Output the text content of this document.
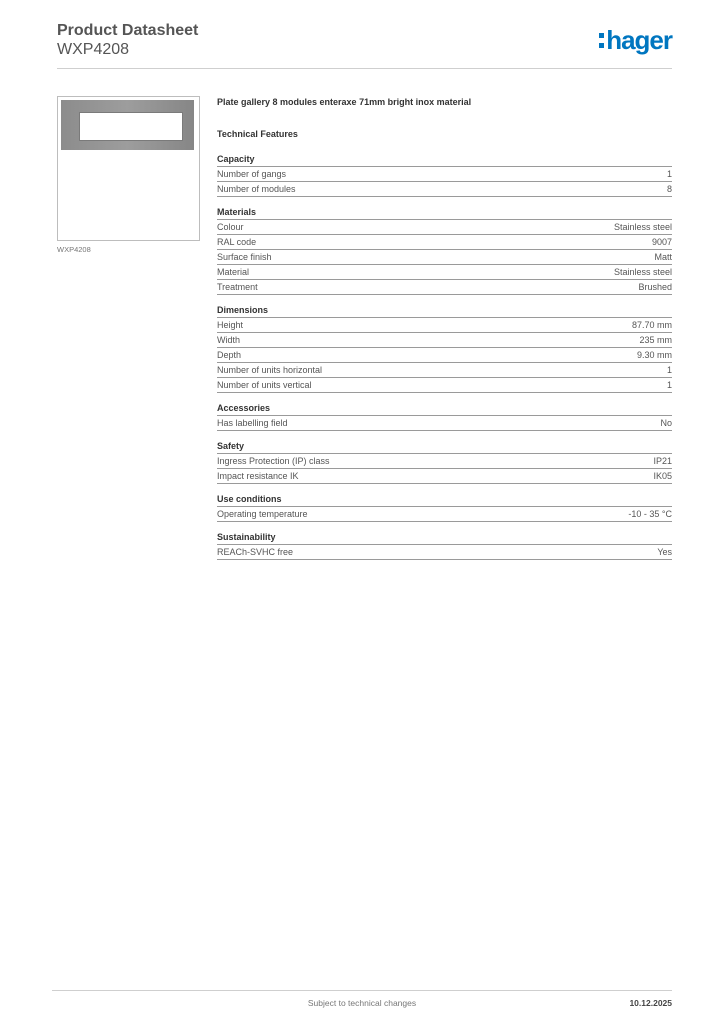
Product Datasheet
WXP4208	hager
WXP4208
Plate gallery 8 modules enteraxe 71mm bright inox material
Technical Features
Capacity
Number of gangs	1
Number of modules	8
Materials
Colour	Stainless steel
RAL code	9007
Surface finish	Matt
Material	Stainless steel
Treatment	Brushed
Dimensions
Height	87.70 mm
Width	235 mm
Depth	9.30 mm
Number of units horizontal	1
Number of units vertical	1
Accessories
Has labelling field	No
Safety
Ingress Protection (IP) class	IP21
Impact resistance IK	IK05
Use conditions
Operating temperature	-10 - 35 °C
Sustainability
REACh-SVHC free	Yes
Subject to technical changes	10.12.2025
